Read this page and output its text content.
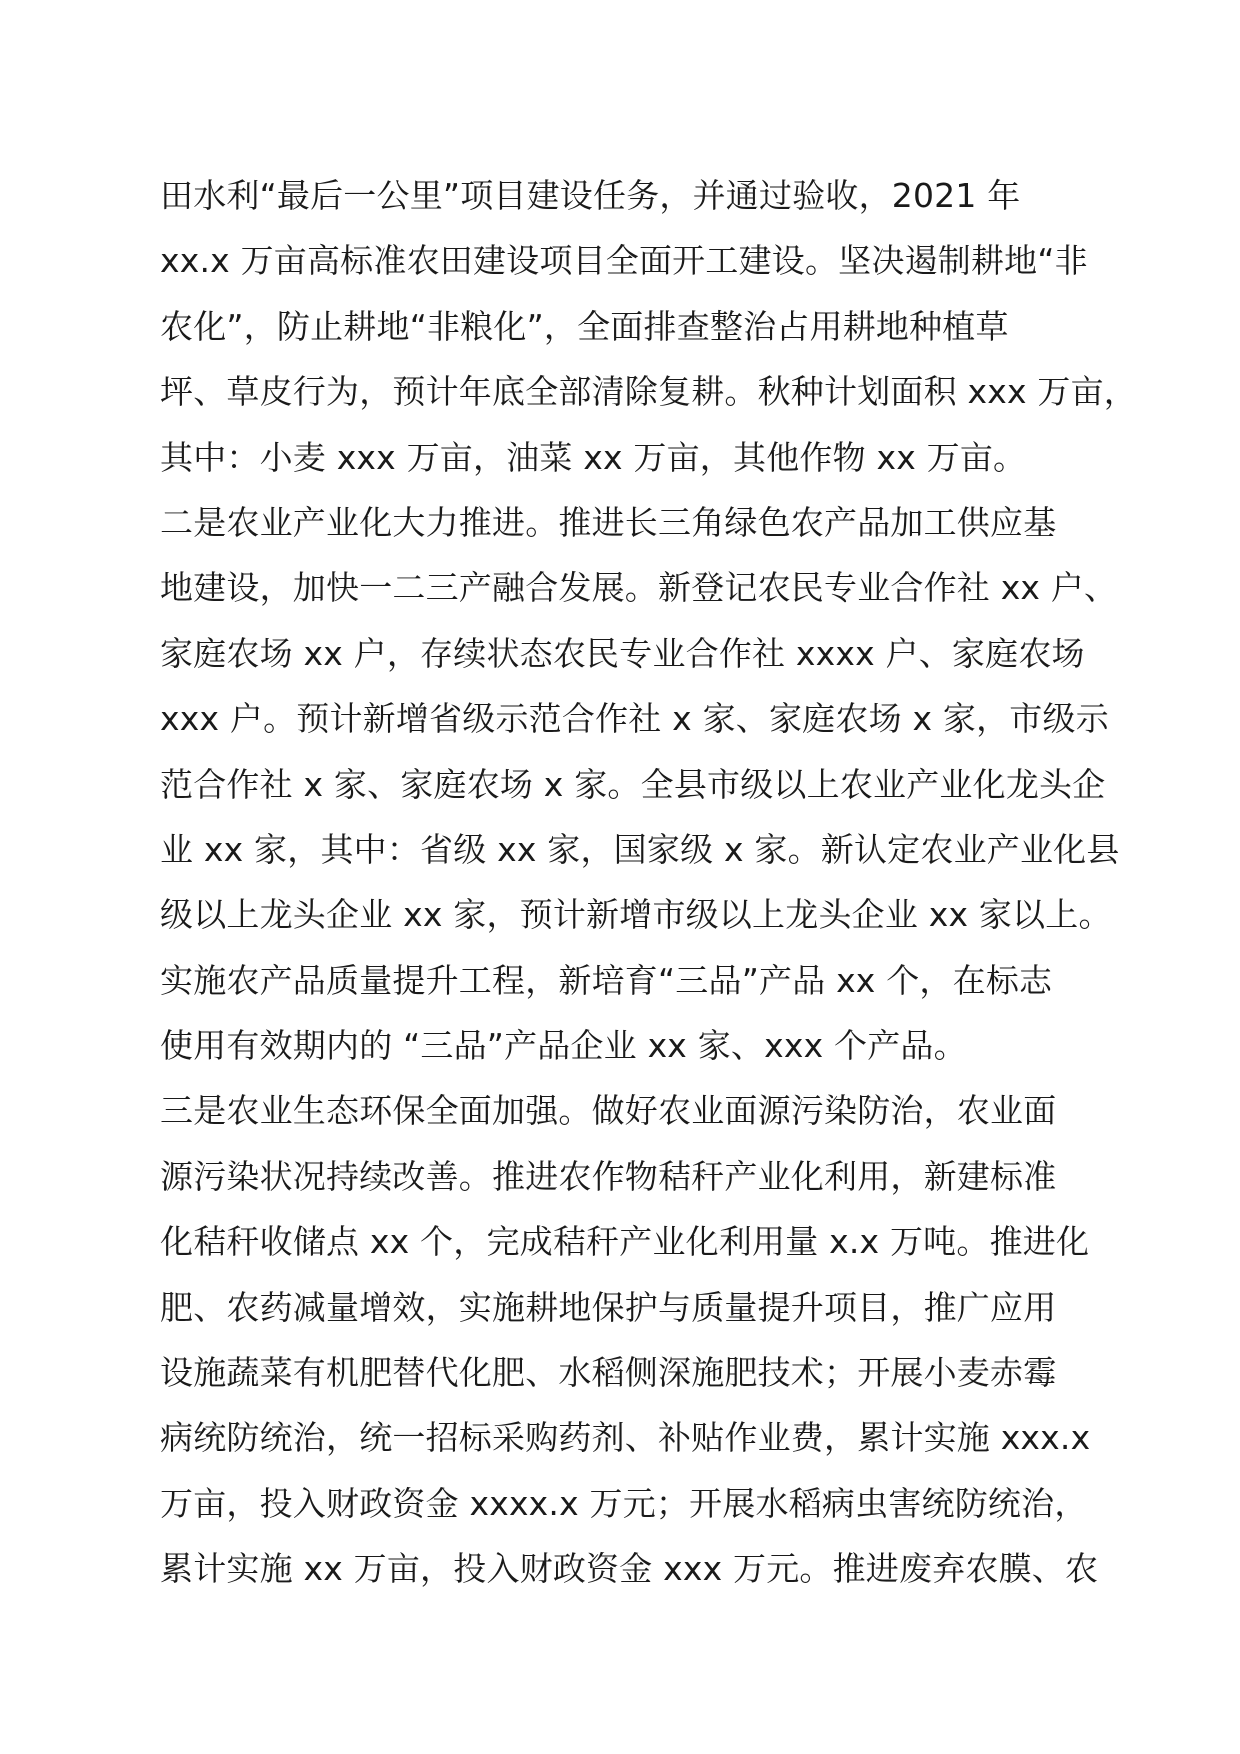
田水利“最后一公里”项目建设任务，并通过验收，2021 年
xx.x 万亩高标准农田建设项目全面开工建设。坚决遏制耕地“非
农化”，防止耕地“非粮化”，全面排查整治占用耕地种植草
坪、草皮行为，预计年底全部清除复耕。秋种计划面积 xxx 万亩，
其中：小麦 xxx 万亩，油菜 xx 万亩，其他作物 xx 万亩。
二是农业产业化大力推进。推进长三角绿色农产品加工供应基
地建设，加快一二三产融合发展。新登记农民专业合作社 xx 户、
家庭农场 xx 户，存续状态农民专业合作社 xxxx 户、家庭农场
xxx 户。预计新增省级示范合作社 x 家、家庭农场 x 家，市级示
范合作社 x 家、家庭农场 x 家。全县市级以上农业产业化龙头企
业 xx 家，其中：省级 xx 家，国家级 x 家。新认定农业产业化县
级以上龙头企业 xx 家，预计新增市级以上龙头企业 xx 家以上。
实施农产品质量提升工程，新培育“三品”产品 xx 个，在标志
使用有效期内的 “三品”产品企业 xx 家、xxx 个产品。
三是农业生态环保全面加强。做好农业面源污染防治，农业面
源污染状况持续改善。推进农作物秸秆产业化利用，新建标准
化秸秆收储点 xx 个，完成秸秆产业化利用量 x.x 万吨。推进化
肥、农药减量增效，实施耕地保护与质量提升项目，推广应用
设施蔬菜有机肥替代化肥、水稻侧深施肥技术；开展小麦赤霉
病统防统治，统一招标采购药剂、补贴作业费，累计实施 xxx.x
万亩，投入财政资金 xxxx.x 万元；开展水稻病虫害统防统治，
累计实施 xx 万亩，投入财政资金 xxx 万元。推进废弃农膜、农
